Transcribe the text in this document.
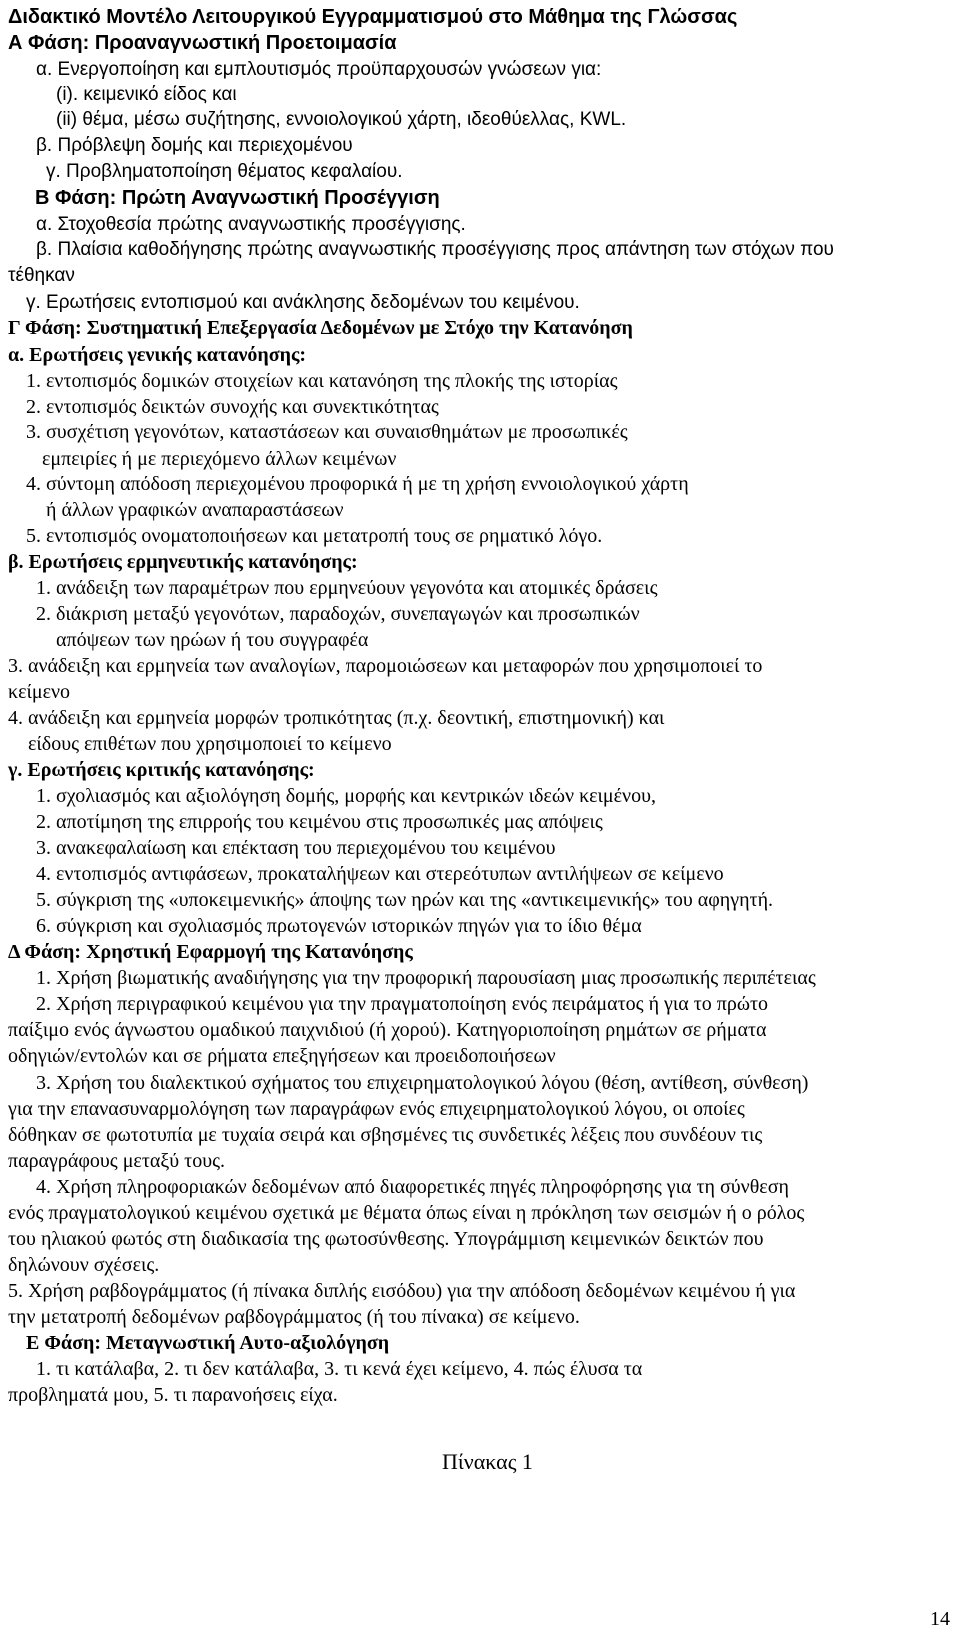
Διδακτικό Μοντέλο Λειτουργικού Εγγραμματισμού στο Μάθημα της Γλώσσας
Α Φάση: Προαναγνωστική Προετοιμασία
α. Ενεργοποίηση και εμπλουτισμός προϋπαρχουσών γνώσεων για:
(i). κειμενικό είδος και
(ii) θέμα, μέσω συζήτησης, εννοιολογικού χάρτη, ιδεοθύελλας, KWL.
β. Πρόβλεψη δομής και περιεχομένου
γ. Προβληματοποίηση θέματος κεφαλαίου.
Β Φάση: Πρώτη Αναγνωστική Προσέγγιση
α. Στοχοθεσία πρώτης αναγνωστικής προσέγγισης.
β. Πλαίσια καθοδήγησης πρώτης αναγνωστικής προσέγγισης προς απάντηση των στόχων που
τέθηκαν
γ. Ερωτήσεις εντοπισμού και ανάκλησης δεδομένων του κειμένου.
Γ Φάση: Συστηματική Επεξεργασία Δεδομένων με Στόχο την Κατανόηση
α. Ερωτήσεις γενικής κατανόησης:
1. εντοπισμός δομικών στοιχείων και κατανόηση της πλοκής της ιστορίας
2. εντοπισμός δεικτών συνοχής και συνεκτικότητας
3. συσχέτιση γεγονότων, καταστάσεων και συναισθημάτων με προσωπικές
εμπειρίες ή με περιεχόμενο άλλων κειμένων
4. σύντομη απόδοση περιεχομένου προφορικά ή με τη χρήση εννοιολογικού χάρτη
ή άλλων γραφικών αναπαραστάσεων
5. εντοπισμός ονοματοποιήσεων και μετατροπή τους σε ρηματικό λόγο.
β. Ερωτήσεις ερμηνευτικής κατανόησης:
1. ανάδειξη των παραμέτρων που ερμηνεύουν γεγονότα και ατομικές δράσεις
2. διάκριση μεταξύ γεγονότων, παραδοχών, συνεπαγωγών και προσωπικών
απόψεων των ηρώων ή του συγγραφέα
3. ανάδειξη και ερμηνεία των αναλογίων, παρομοιώσεων και μεταφορών που χρησιμοποιεί το
κείμενο
4. ανάδειξη και ερμηνεία μορφών τροπικότητας (π.χ. δεοντική, επιστημονική) και
είδους επιθέτων που χρησιμοποιεί το κείμενο
γ. Ερωτήσεις κριτικής κατανόησης:
1. σχολιασμός και αξιολόγηση δομής, μορφής και κεντρικών ιδεών κειμένου,
2. αποτίμηση της επιρροής του κειμένου στις προσωπικές μας απόψεις
3. ανακεφαλαίωση και επέκταση του περιεχομένου του κειμένου
4. εντοπισμός αντιφάσεων, προκαταλήψεων και στερεότυπων αντιλήψεων σε κείμενο
5. σύγκριση της «υποκειμενικής» άποψης των ηρών και της «αντικειμενικής» του αφηγητή.
6. σύγκριση και σχολιασμός πρωτογενών ιστορικών πηγών για το ίδιο θέμα
Δ Φάση: Χρηστική Εφαρμογή της Κατανόησης
1. Χρήση βιωματικής αναδιήγησης για την προφορική παρουσίαση μιας προσωπικής περιπέτειας
2. Χρήση περιγραφικού κειμένου για την πραγματοποίηση ενός πειράματος ή για το πρώτο
παίξιμο ενός άγνωστου ομαδικού παιχνιδιού (ή χορού). Κατηγοριοποίηση ρημάτων σε ρήματα
οδηγιών/εντολών και σε ρήματα επεξηγήσεων και προειδοποιήσεων
3. Χρήση του διαλεκτικού σχήματος του επιχειρηματολογικού λόγου (θέση, αντίθεση, σύνθεση)
για την επανασυναρμολόγηση των παραγράφων ενός επιχειρηματολογικού λόγου, οι οποίες
δόθηκαν σε φωτοτυπία με τυχαία σειρά και σβησμένες τις συνδετικές λέξεις που συνδέουν τις
παραγράφους μεταξύ τους.
4. Χρήση πληροφοριακών δεδομένων από διαφορετικές πηγές πληροφόρησης για τη σύνθεση
ενός πραγματολογικού κειμένου σχετικά με θέματα όπως είναι η πρόκληση των σεισμών ή ο ρόλος
του ηλιακού φωτός στη διαδικασία της φωτοσύνθεσης. Υπογράμμιση κειμενικών δεικτών που
δηλώνουν σχέσεις.
5. Χρήση ραβδογράμματος (ή πίνακα διπλής εισόδου) για την απόδοση δεδομένων κειμένου ή για
την μετατροπή δεδομένων ραβδογράμματος (ή του πίνακα) σε κείμενο.
Ε Φάση: Μεταγνωστική Αυτο-αξιολόγηση
1. τι κατάλαβα, 2. τι δεν κατάλαβα, 3. τι κενά έχει κείμενο, 4. πώς έλυσα τα
προβληματά μου, 5. τι παρανοήσεις είχα.
Πίνακας 1
14
